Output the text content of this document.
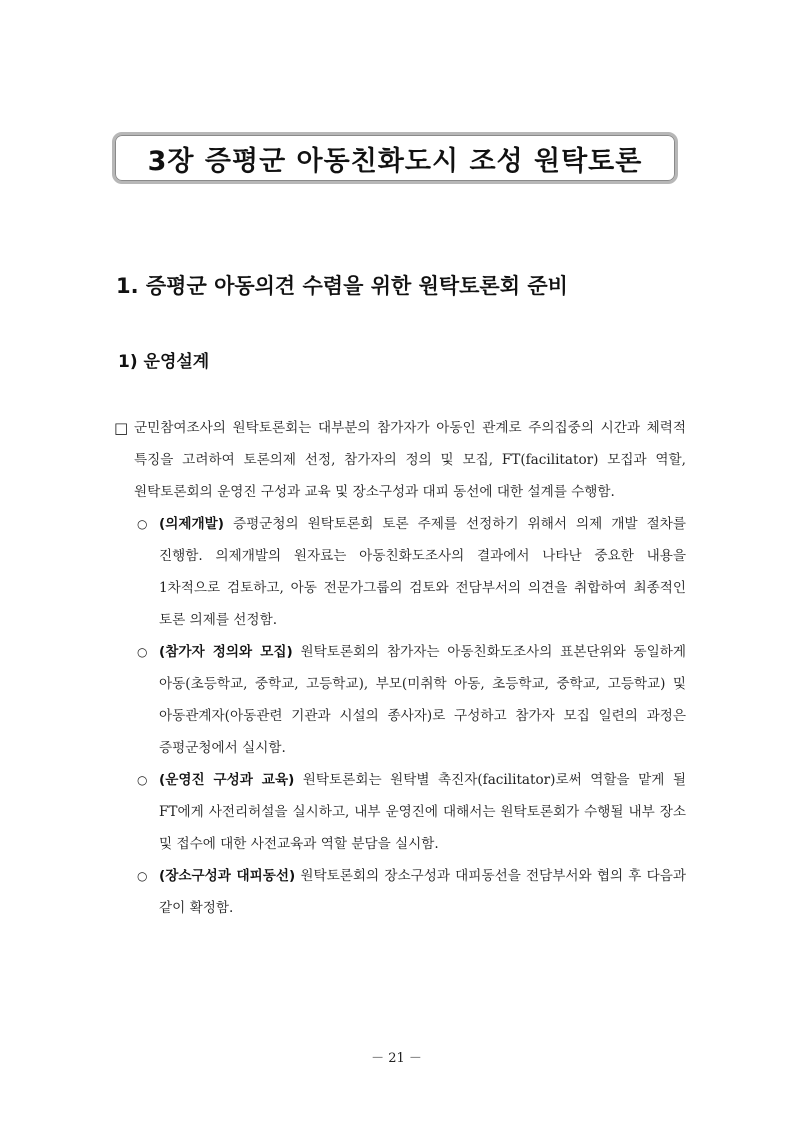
3장 증평군 아동친화도시 조성 원탁토론
1. 증평군 아동의견 수렴을 위한 원탁토론회 준비
1) 운영설계
□ 군민참여조사의 원탁토론회는 대부분의 참가자가 아동인 관계로 주의집중의 시간과 체력적 특징을 고려하여 토론의제 선정, 참가자의 정의 및 모집, FT(facilitator) 모집과 역할, 원탁토론회의 운영진 구성과 교육 및 장소구성과 대피 동선에 대한 설계를 수행함.
○ (의제개발) 증평군청의 원탁토론회 토론 주제를 선정하기 위해서 의제 개발 절차를 진행함. 의제개발의 원자료는 아동친화도조사의 결과에서 나타난 중요한 내용을 1차적으로 검토하고, 아동 전문가그룹의 검토와 전담부서의 의견을 취합하여 최종적인 토론 의제를 선정함.
○ (참가자 정의와 모집) 원탁토론회의 참가자는 아동친화도조사의 표본단위와 동일하게 아동(초등학교, 중학교, 고등학교), 부모(미취학 아동, 초등학교, 중학교, 고등학교) 및 아동관계자(아동관련 기관과 시설의 종사자)로 구성하고 참가자 모집 일련의 과정은 증평군청에서 실시함.
○ (운영진 구성과 교육) 원탁토론회는 원탁별 촉진자(facilitator)로써 역할을 맡게 될 FT에게 사전리허설을 실시하고, 내부 운영진에 대해서는 원탁토론회가 수행될 내부 장소 및 접수에 대한 사전교육과 역할 분담을 실시함.
○ (장소구성과 대피동선) 원탁토론회의 장소구성과 대피동선을 전담부서와 협의 후 다음과 같이 확정함.
－ 21 －
